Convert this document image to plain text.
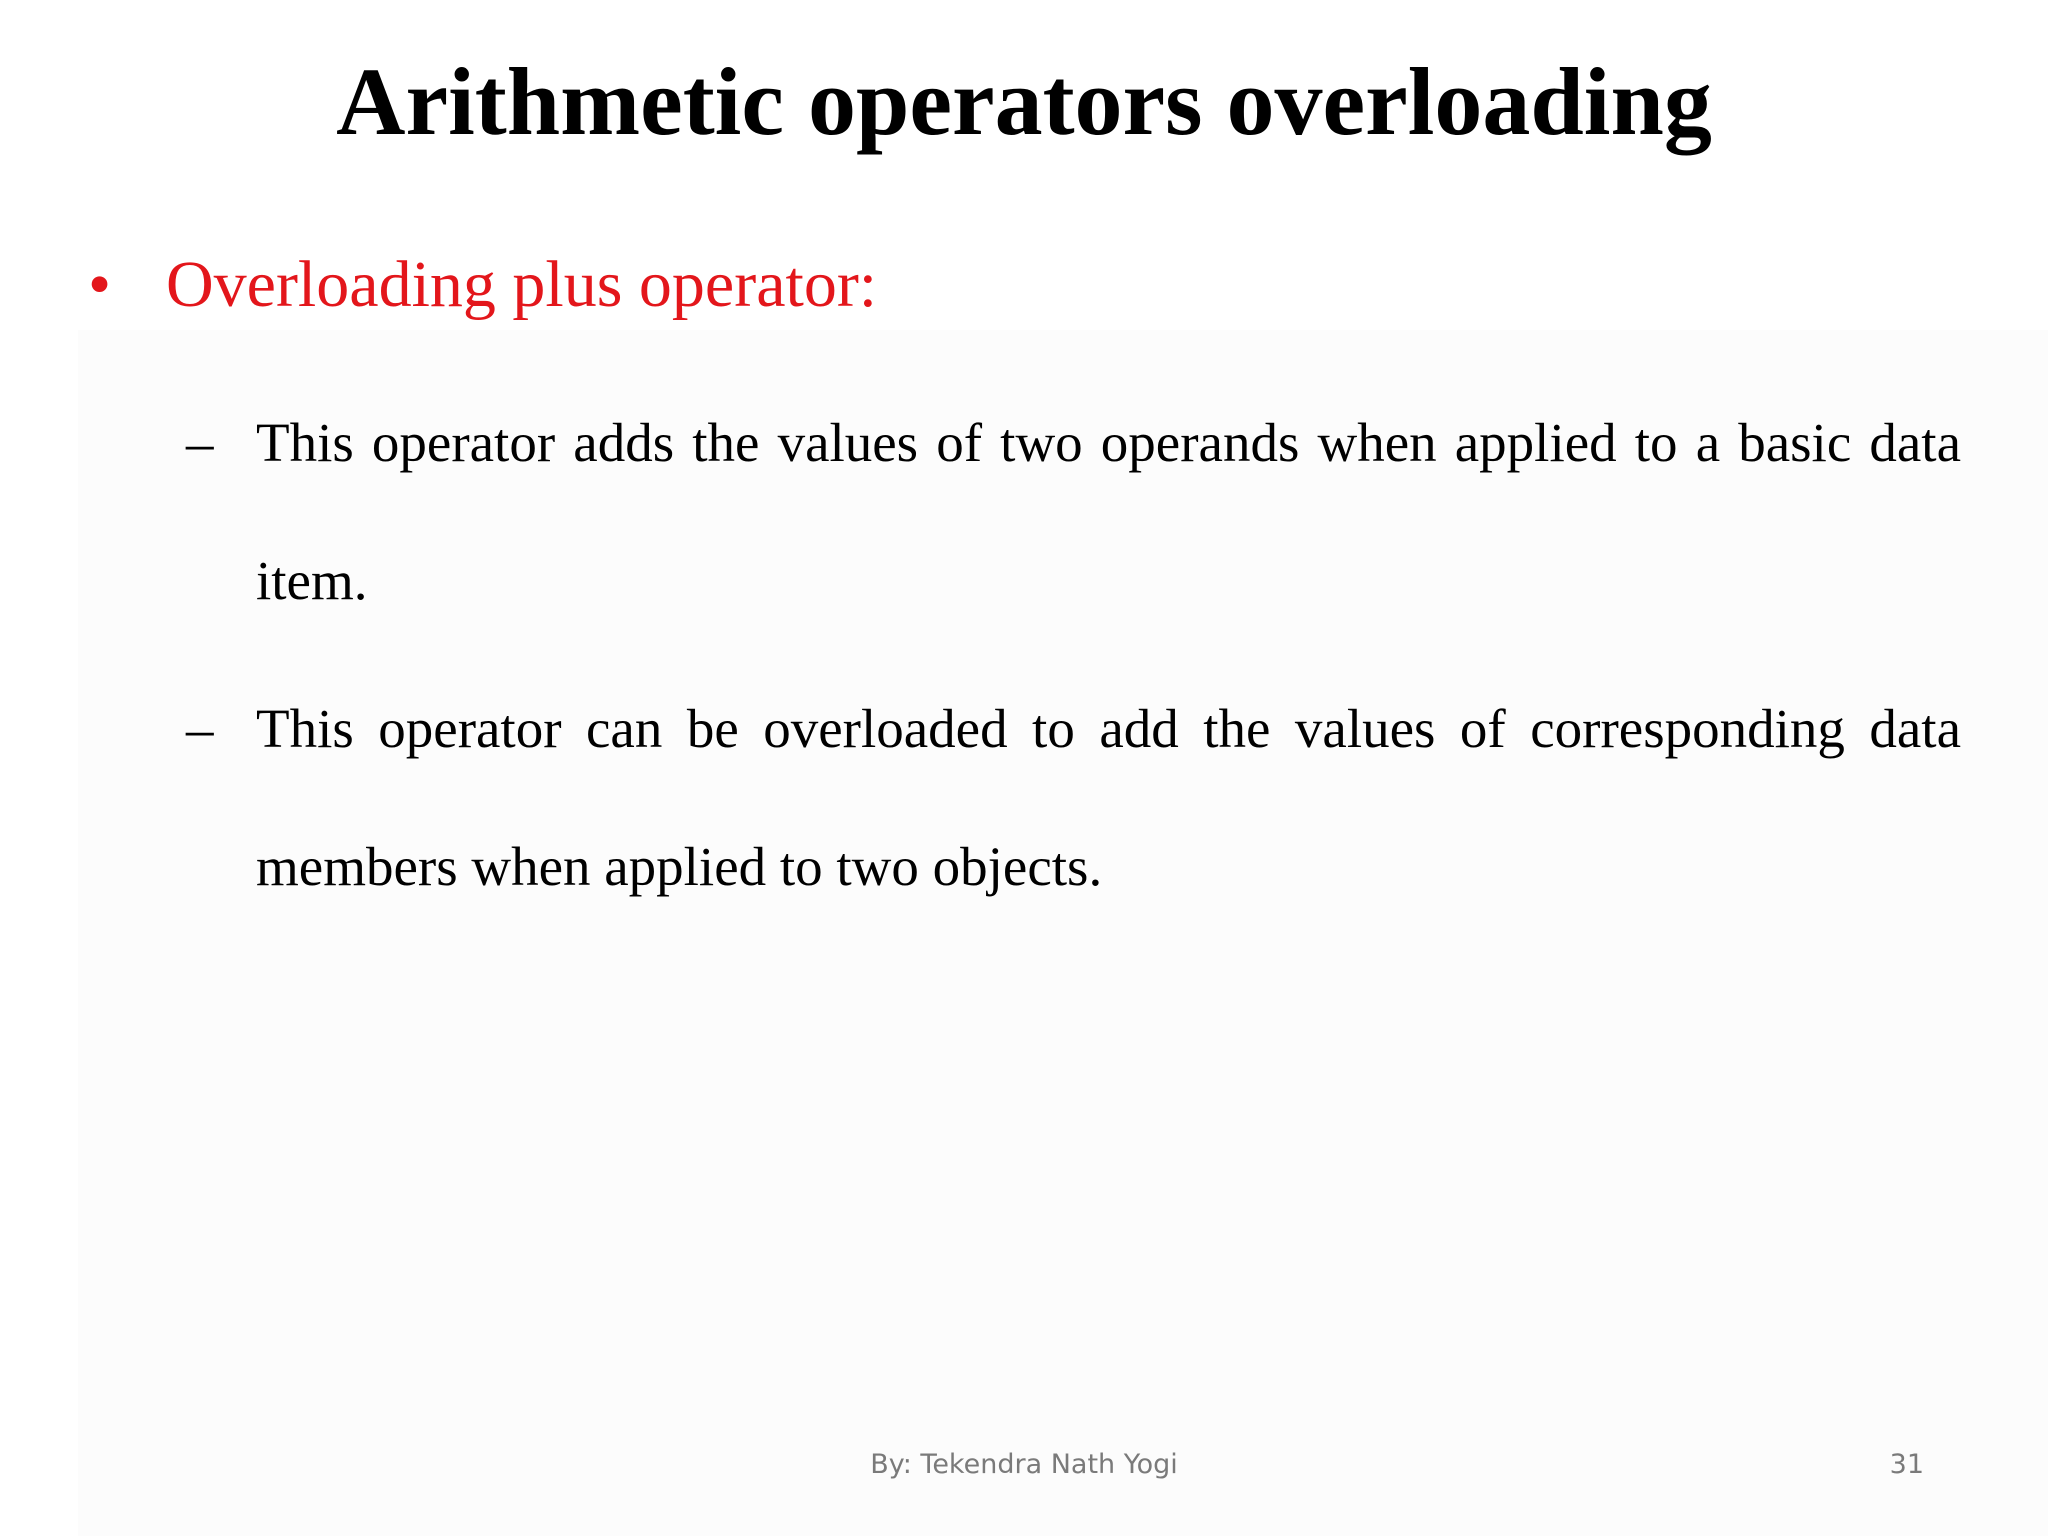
Arithmetic operators overloading
• Overloading plus operator:
– This operator adds the values of two operands when applied to a basic data item.
– This operator can be overloaded to add the values of corresponding data members when applied to two objects.
By: Tekendra Nath Yogi	31
